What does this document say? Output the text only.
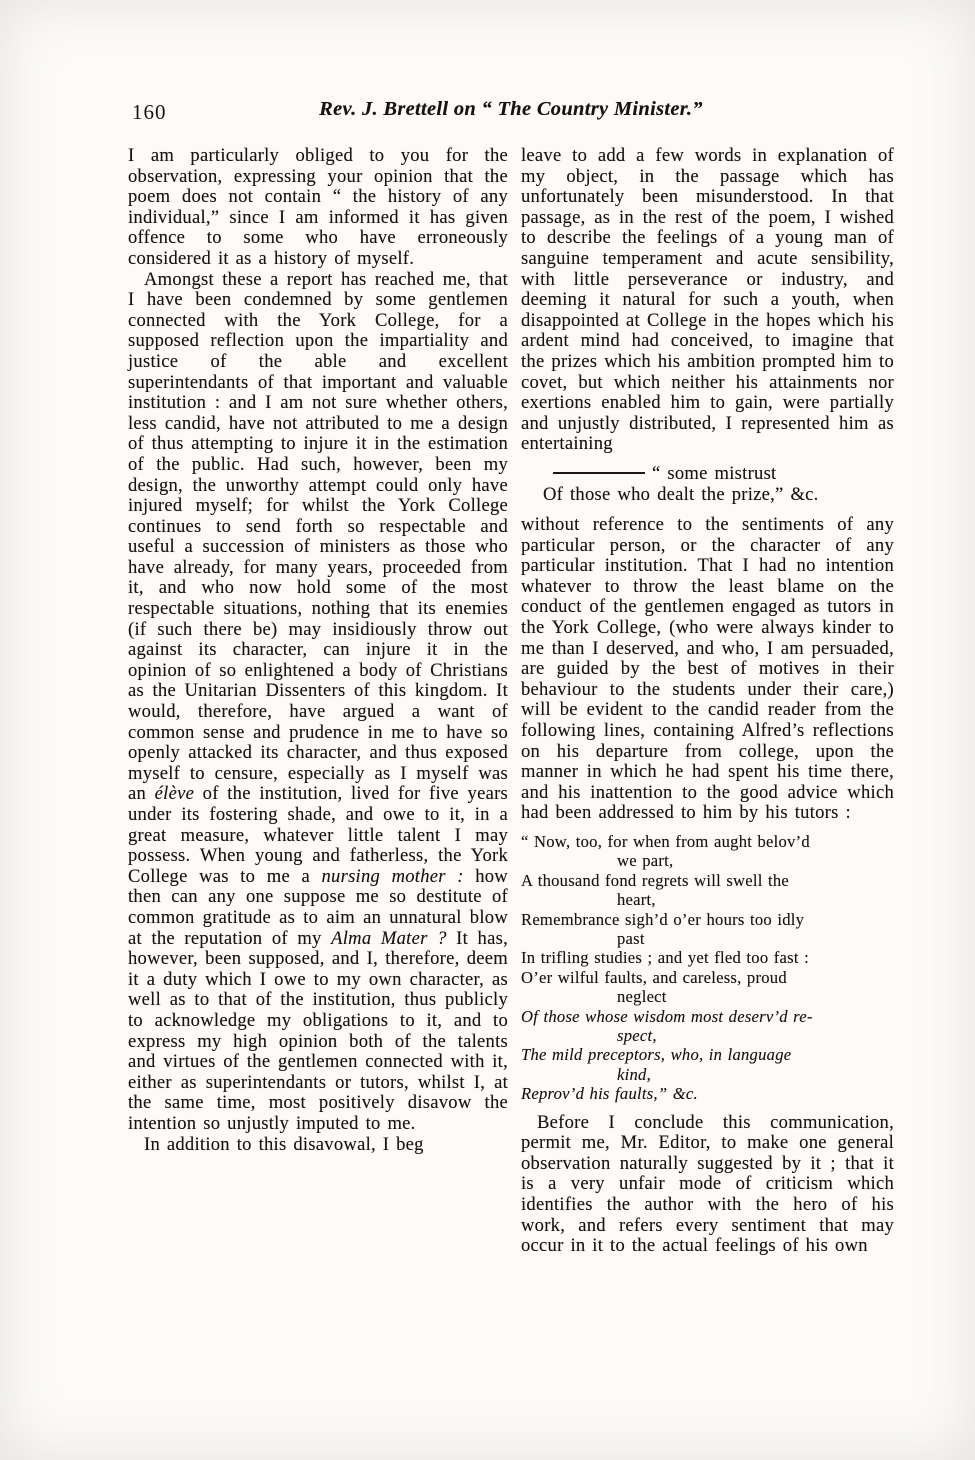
160	Rev. J. Brettell on “ The Country Minister.”

I am particularly obliged to you for the observation, expressing your opinion that the poem does not contain “ the history of any individual,” since I am informed it has given offence to some who have erroneously considered it as a history of myself.

Amongst these a report has reached me, that I have been condemned by some gentlemen connected with the York College, for a supposed reflection upon the impartiality and justice of the able and excellent superintendants of that important and valuable institution : and I am not sure whether others, less candid, have not attributed to me a design of thus attempting to injure it in the estimation of the public. Had such, however, been my design, the unworthy attempt could only have injured myself; for whilst the York College continues to send forth so respectable and useful a succession of ministers as those who have already, for many years, proceeded from it, and who now hold some of the most respectable situations, nothing that its enemies (if such there be) may insidiously throw out against its character, can injure it in the opinion of so enlightened a body of Christians as the Unitarian Dissenters of this kingdom. It would, therefore, have argued a want of common sense and prudence in me to have so openly attacked its character, and thus exposed myself to censure, especially as I myself was an élève of the institution, lived for five years under its fostering shade, and owe to it, in a great measure, whatever little talent I may possess. When young and fatherless, the York College was to me a nursing mother : how then can any one suppose me so destitute of common gratitude as to aim an unnatural blow at the reputation of my Alma Mater ? It has, however, been supposed, and I, therefore, deem it a duty which I owe to my own character, as well as to that of the institution, thus publicly to acknowledge my obligations to it, and to express my high opinion both of the talents and virtues of the gentlemen connected with it, either as superintendants or tutors, whilst I, at the same time, most positively disavow the intention so unjustly imputed to me.

In addition to this disavowal, I beg

leave to add a few words in explanation of my object, in the passage which has unfortunately been misunderstood. In that passage, as in the rest of the poem, I wished to describe the feelings of a young man of sanguine temperament and acute sensibility, with little perseverance or industry, and deeming it natural for such a youth, when disappointed at College in the hopes which his ardent mind had conceived, to imagine that the prizes which his ambition prompted him to covet, but which neither his attainments nor exertions enabled him to gain, were partially and unjustly distributed, I represented him as entertaining

“ some mistrust
Of those who dealt the prize,” &c.

without reference to the sentiments of any particular person, or the character of any particular institution. That I had no intention whatever to throw the least blame on the conduct of the gentlemen engaged as tutors in the York College, (who were always kinder to me than I deserved, and who, I am persuaded, are guided by the best of motives in their behaviour to the students under their care,) will be evident to the candid reader from the following lines, containing Alfred’s reflections on his departure from college, upon the manner in which he had spent his time there, and his inattention to the good advice which had been addressed to him by his tutors :

“ Now, too, for when from aught belov’d
we part,
A thousand fond regrets will swell the
heart,
Remembrance sigh’d o’er hours too idly
past
In trifling studies ; and yet fled too fast :
O’er wilful faults, and careless, proud
neglect
Of those whose wisdom most deserv’d re-
spect,
The mild preceptors, who, in language
kind,
Reprov’d his faults,” &c.

Before I conclude this communication, permit me, Mr. Editor, to make one general observation naturally suggested by it ; that it is a very unfair mode of criticism which identifies the author with the hero of his work, and refers every sentiment that may occur in it to the actual feelings of his own
